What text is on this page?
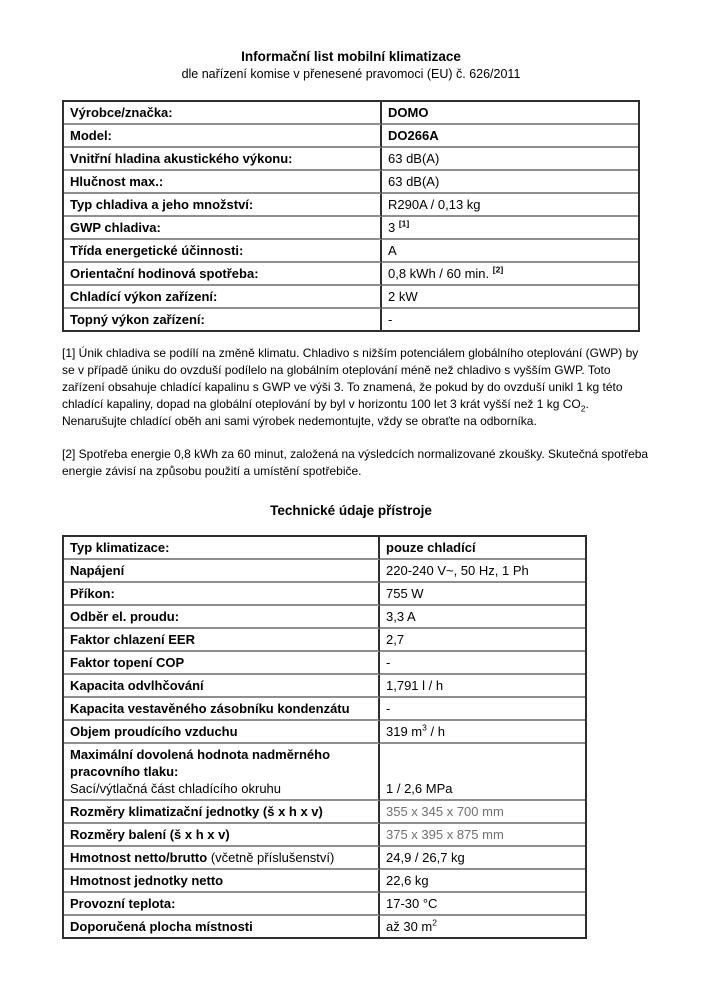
Informační list mobilní klimatizace
dle nařízení komise v přenesené pravomoci (EU) č. 626/2011
Výrobce/značka:	DOMO
Model:	DO266A
Vnitřní hladina akustického výkonu:	63 dB(A)
Hlučnost max.:	63 dB(A)
Typ chladiva a jeho množství:	R290A / 0,13 kg
GWP chladiva:	3 [1]
Třída energetické účinnosti:	A
Orientační hodinová spotřeba:	0,8 kWh / 60 min. [2]
Chladící výkon zařízení:	2 kW
Topný výkon zařízení:	-

[1] Únik chladiva se podílí na změně klimatu. Chladivo s nižším potenciálem globálního oteplování (GWP) by se v případě úniku do ovzduší podílelo na globálním oteplování méně než chladivo s vyšším GWP. Toto zařízení obsahuje chladící kapalinu s GWP ve výši 3. To znamená, že pokud by do ovzduší unikl 1 kg této chladící kapaliny, dopad na globální oteplování by byl v horizontu 100 let 3 krát vyšší než 1 kg $CO_2$. Nenarušujte chladící oběh ani sami výrobek nedemontujte, vždy se obraťte na odborníka.

[2] Spotřeba energie 0,8 kWh za 60 minut, založená na výsledcích normalizované zkoušky. Skutečná spotřeba energie závisí na způsobu použití a umístění spotřebiče.

Technické údaje přístroje
Typ klimatizace:	pouze chladící
Napájení	220-240 V~, 50 Hz, 1 Ph
Příkon:	755 W
Odběr el. proudu:	3,3 A
Faktor chlazení EER	2,7
Faktor topení COP	-
Kapacita odvlhčování	1,791 l / h
Kapacita vestavěného zásobníku kondenzátu	-
Objem proudícího vzduchu	319 $m^3$ / h
Maximální dovolená hodnota nadměrného pracovního tlaku:
Sací/výtlačná část chladícího okruhu	1 / 2,6 MPa
Rozměry klimatizační jednotky (š x h x v)	355 x 345 x 700 mm
Rozměry balení (š x h x v)	375 x 395 x 875 mm
Hmotnost netto/brutto (včetně příslušenství)	24,9 / 26,7 kg
Hmotnost jednotky netto	22,6 kg
Provozní teplota:	17-30 °C
Doporučená plocha místnosti	až 30 $m^2$
